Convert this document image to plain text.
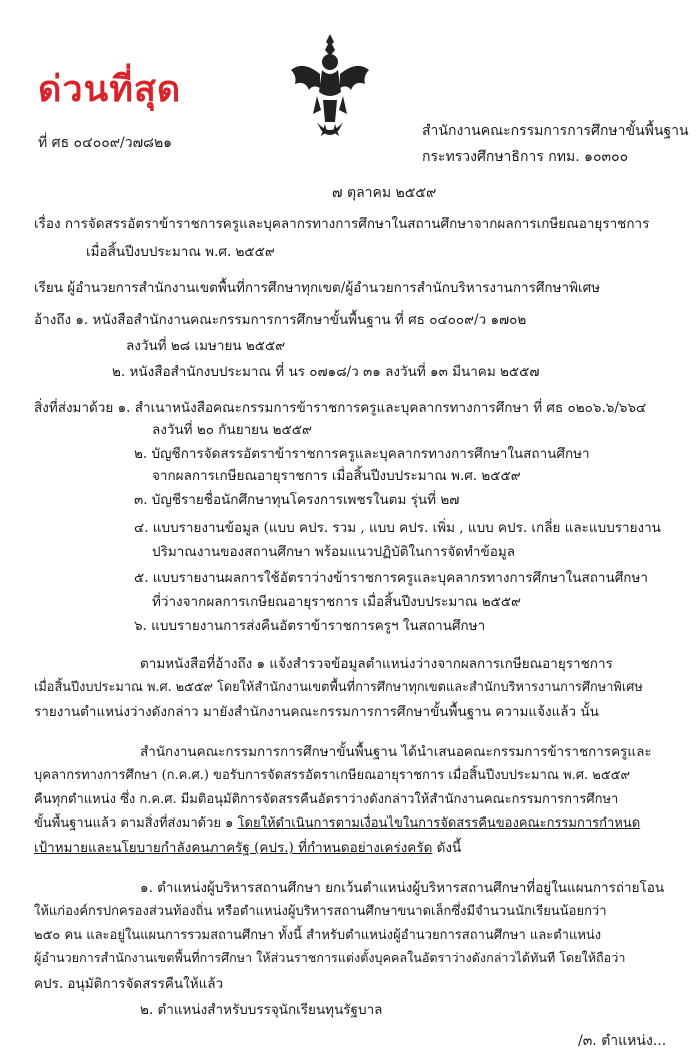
ด่วนที่สุด
ที่ ศธ ๐๔๐๐๙/ว๗๘๒๑
สำนักงานคณะกรรมการการศึกษาขั้นพื้นฐาน
กระทรวงศึกษาธิการ กทม. ๑๐๓๐๐
๗ ตุลาคม ๒๕๕๙
เรื่อง การจัดสรรอัตราข้าราชการครูและบุคลากรทางการศึกษาในสถานศึกษาจากผลการเกษียณอายุราชการ
เมื่อสิ้นปีงบประมาณ พ.ศ. ๒๕๕๙
เรียน ผู้อำนวยการสำนักงานเขตพื้นที่การศึกษาทุกเขต/ผู้อำนวยการสำนักบริหารงานการศึกษาพิเศษ
อ้างถึง ๑. หนังสือสำนักงานคณะกรรมการการศึกษาขั้นพื้นฐาน ที่ ศธ ๐๔๐๐๙/ว ๑๗๐๒
ลงวันที่ ๒๘ เมษายน ๒๕๕๙
๒. หนังสือสำนักงบประมาณ ที่ นร ๐๗๑๘/ว ๓๑ ลงวันที่ ๑๓ มีนาคม ๒๕๕๗
สิ่งที่ส่งมาด้วย ๑. สำเนาหนังสือคณะกรรมการข้าราชการครูและบุคลากรทางการศึกษา ที่ ศธ ๐๒๐๖.๖/๖๖๔
ลงวันที่ ๒๐ กันยายน ๒๕๕๙
๒. บัญชีการจัดสรรอัตราข้าราชการครูและบุคลากรทางการศึกษาในสถานศึกษา
จากผลการเกษียณอายุราชการ เมื่อสิ้นปีงบประมาณ พ.ศ. ๒๕๕๙
๓. บัญชีรายชื่อนักศึกษาทุนโครงการเพชรในตม รุ่นที่ ๒๗
๔. แบบรายงานข้อมูล (แบบ คปร. รวม , แบบ คปร. เพิ่ม , แบบ คปร. เกลี่ย และแบบรายงาน
ปริมาณงานของสถานศึกษา พร้อมแนวปฏิบัติในการจัดทำข้อมูล
๕. แบบรายงานผลการใช้อัตราว่างข้าราชการครูและบุคลากรทางการศึกษาในสถานศึกษา
ที่ว่างจากผลการเกษียณอายุราชการ เมื่อสิ้นปีงบประมาณ ๒๕๕๙
๖. แบบรายงานการส่งคืนอัตราข้าราชการครูฯ ในสถานศึกษา
ตามหนังสือที่อ้างถึง ๑ แจ้งสำรวจข้อมูลตำแหน่งว่างจากผลการเกษียณอายุราชการ
เมื่อสิ้นปีงบประมาณ พ.ศ. ๒๕๕๙ โดยให้สำนักงานเขตพื้นที่การศึกษาทุกเขตและสำนักบริหารงานการศึกษาพิเศษ
รายงานตำแหน่งว่างดังกล่าว มายังสำนักงานคณะกรรมการการศึกษาขั้นพื้นฐาน ความแจ้งแล้ว นั้น
สำนักงานคณะกรรมการการศึกษาขั้นพื้นฐาน ได้นำเสนอคณะกรรมการข้าราชการครูและ
บุคลากรทางการศึกษา (ก.ค.ศ.) ขอรับการจัดสรรอัตราเกษียณอายุราชการ เมื่อสิ้นปีงบประมาณ พ.ศ. ๒๕๕๙
คืนทุกตำแหน่ง ซึ่ง ก.ค.ศ. มีมติอนุมัติการจัดสรรคืนอัตราว่างดังกล่าวให้สำนักงานคณะกรรมการการศึกษา
ขั้นพื้นฐานแล้ว ตามสิ่งที่ส่งมาด้วย ๑ โดยให้ดำเนินการตามเงื่อนไขในการจัดสรรคืนของคณะกรรมการกำหนด
เป้าหมายและนโยบายกำลังคนภาครัฐ (คปร.) ที่กำหนดอย่างเคร่งครัด ดังนี้
๑. ตำแหน่งผู้บริหารสถานศึกษา ยกเว้นตำแหน่งผู้บริหารสถานศึกษาที่อยู่ในแผนการถ่ายโอน
ให้แก่องค์กรปกครองส่วนท้องถิ่น หรือตำแหน่งผู้บริหารสถานศึกษาขนาดเล็กซึ่งมีจำนวนนักเรียนน้อยกว่า
๒๕๐ คน และอยู่ในแผนการรวมสถานศึกษา ทั้งนี้ สำหรับตำแหน่งผู้อำนวยการสถานศึกษา และตำแหน่ง
ผู้อำนวยการสำนักงานเขตพื้นที่การศึกษา ให้ส่วนราชการแต่งตั้งบุคคลในอัตราว่างดังกล่าวได้ทันที โดยให้ถือว่า
คปร. อนุมัติการจัดสรรคืนให้แล้ว
๒. ตำแหน่งสำหรับบรรจุนักเรียนทุนรัฐบาล
/๓. ตำแหน่ง...
